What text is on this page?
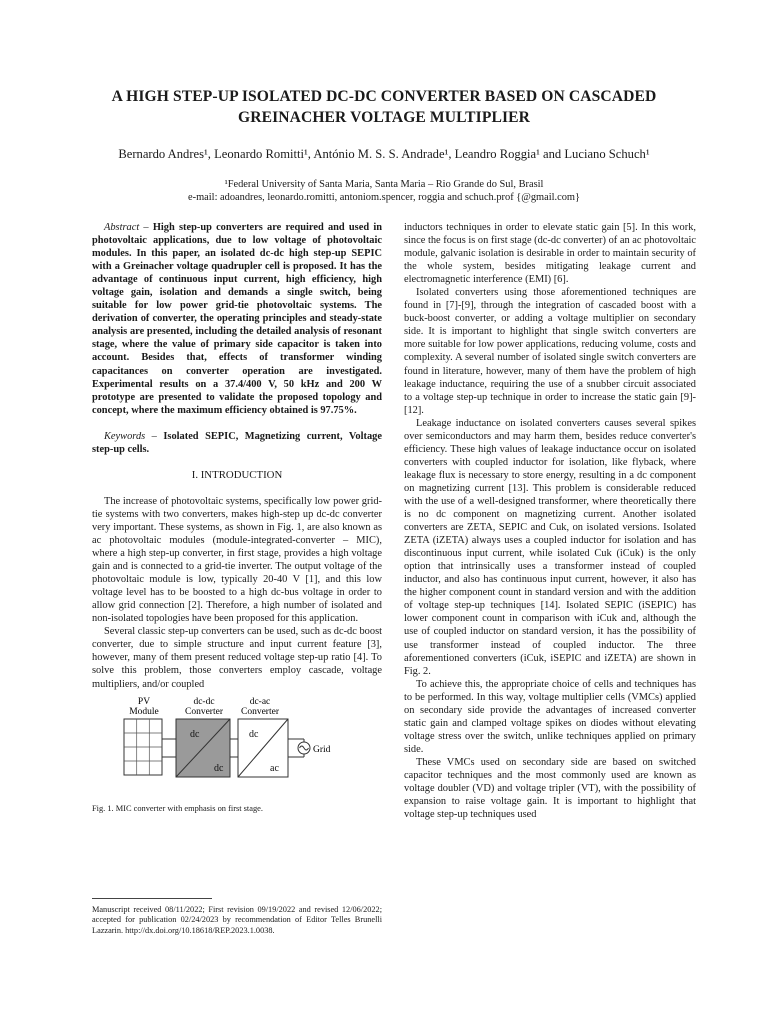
A HIGH STEP-UP ISOLATED DC-DC CONVERTER BASED ON CASCADED
GREINACHER VOLTAGE MULTIPLIER
Bernardo Andres¹, Leonardo Romitti¹, António M. S. S. Andrade¹, Leandro Roggia¹ and Luciano Schuch¹
¹Federal University of Santa Maria, Santa Maria – Rio Grande do Sul, Brasil
e-mail: adoandres, leonardo.romitti, antoniom.spencer, roggia and schuch.prof {@gmail.com}

Abstract – High step-up converters are required and used in photovoltaic applications, due to low voltage of photovoltaic modules. In this paper, an isolated dc-dc high step-up SEPIC with a Greinacher voltage quadrupler cell is proposed. It has the advantage of continuous input current, high efficiency, high voltage gain, isolation and demands a single switch, being suitable for low power grid-tie photovoltaic systems. The derivation of converter, the operating principles and steady-state analysis are presented, including the detailed analysis of resonant stage, where the value of primary side capacitor is taken into account. Besides that, effects of transformer winding capacitances on converter operation are investigated. Experimental results on a 37.4/400 V, 50 kHz and 200 W prototype are presented to validate the proposed topology and concept, where the maximum efficiency obtained is 97.75%.

Keywords – Isolated SEPIC, Magnetizing current, Voltage step-up cells.

I. INTRODUCTION

The increase of photovoltaic systems, specifically low power grid-tie systems with two converters, makes high-step up dc-dc converter very important. These systems, as shown in Fig. 1, are also known as ac photovoltaic modules (module-integrated-converter – MIC), where a high step-up converter, in first stage, provides a high voltage gain and is connected to a grid-tie inverter. The output voltage of the photovoltaic module is low, typically 20-40 V [1], and this low voltage level has to be boosted to a high dc-bus voltage in order to allow grid connection [2]. Therefore, a high number of isolated and non-isolated topologies have been proposed for this application.

Several classic step-up converters can be used, such as dc-dc boost converter, due to simple structure and input current feature [3], however, many of them present reduced voltage step-up ratio [4]. To solve this problem, those converters employ cascade, voltage multipliers, and/or coupled

PV
Module
dc-dc
Converter
dc-ac
Converter
dc
dc
dc
ac
Grid

Fig. 1. MIC converter with emphasis on first stage.

Manuscript received 08/11/2022; First revision 09/19/2022 and revised 12/06/2022; accepted for publication 02/24/2023 by recommendation of Editor Telles Brunelli Lazzarin. http://dx.doi.org/10.18618/REP.2023.1.0038.

inductors techniques in order to elevate static gain [5]. In this work, since the focus is on first stage (dc-dc converter) of an ac photovoltaic module, galvanic isolation is desirable in order to maintain security of the whole system, besides mitigating leakage current and electromagnetic interference (EMI) [6].

Isolated converters using those aforementioned techniques are found in [7]-[9], through the integration of cascaded boost with a buck-boost converter, or adding a voltage multiplier on secondary side. It is important to highlight that single switch converters are more suitable for low power applications, reducing volume, costs and complexity. A several number of isolated single switch converters are found in literature, however, many of them have the problem of high leakage inductance, requiring the use of a snubber circuit associated to a voltage step-up technique in order to increase the static gain [9]-[12].

Leakage inductance on isolated converters causes several spikes over semiconductors and may harm them, besides reduce converter's efficiency. These high values of leakage inductance occur on isolated converters with coupled inductor for isolation, like flyback, where leakage flux is necessary to store energy, resulting in a dc component on magnetizing current [13]. This problem is considerable reduced with the use of a well-designed transformer, where theoretically there is no dc component on magnetizing current. Another isolated converters are ZETA, SEPIC and Cuk, on isolated versions. Isolated ZETA (iZETA) always uses a coupled inductor for isolation and has discontinuous input current, while isolated Cuk (iCuk) is the only option that intrinsically uses a transformer instead of coupled inductor, and also has continuous input current, however, it also has the higher component count in standard version and with the addition of voltage step-up techniques [14]. Isolated SEPIC (iSEPIC) has lower component count in comparison with iCuk and, although the use of coupled inductor on standard version, it has the possibility of use transformer instead of coupled inductor. The three aforementioned converters (iCuk, iSEPIC and iZETA) are shown in Fig. 2.

To achieve this, the appropriate choice of cells and techniques has to be performed. In this way, voltage multiplier cells (VMCs) applied on secondary side provide the advantages of increased converter static gain and clamped voltage spikes on diodes without elevating voltage stress over the switch, unlike techniques applied on primary side.

These VMCs used on secondary side are based on switched capacitor techniques and the most commonly used are known as voltage doubler (VD) and voltage tripler (VT), with the possibility of expansion to raise voltage gain. It is important to highlight that voltage step-up techniques used
